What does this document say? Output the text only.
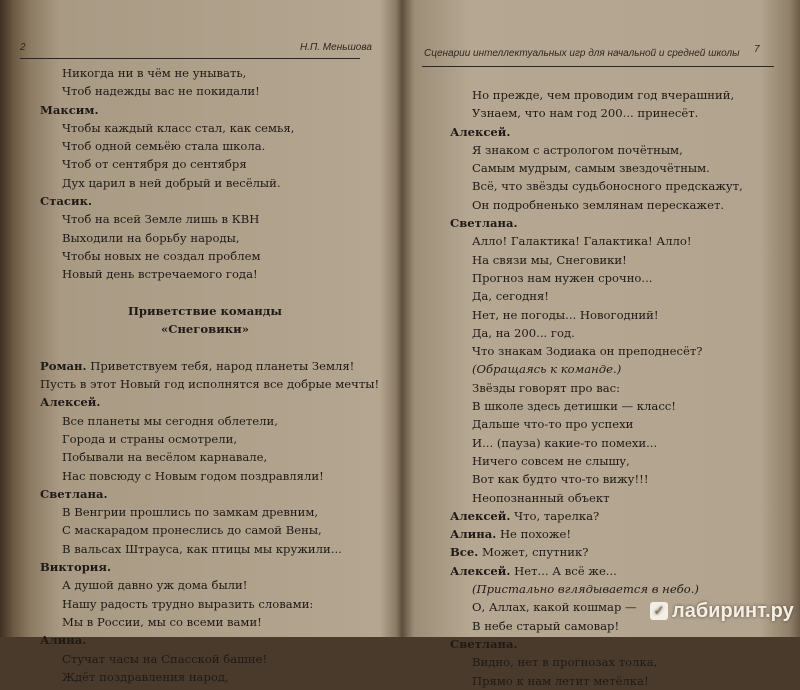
2	Н.П. Меньшова
Никогда ни в чём не унывать,
Чтоб надежды вас не покидали!
Максим.
Чтобы каждый класс стал, как семья,
Чтоб одной семьёю стала школа.
Чтоб от сентября до сентября
Дух царил в ней добрый и весёлый.
Стасик.
Чтоб на всей Земле лишь в КВН
Выходили на борьбу народы,
Чтобы новых не создал проблем
Новый день встречаемого года!
Приветствие команды
«Снеговики»
Роман. Приветствуем тебя, народ планеты Земля!
Пусть в этот Новый год исполнятся все добрые мечты!
Алексей.
Все планеты мы сегодня облетели,
Города и страны осмотрели,
Побывали на весёлом карнавале,
Нас повсюду с Новым годом поздравляли!
Светлана.
В Венгрии прошлись по замкам древним,
С маскарадом пронеслись до самой Вены,
В вальсах Штрауса, как птицы мы кружили...
Виктория.
А душой давно уж дома были!
Нашу радость трудно выразить словами:
Мы в России, мы со всеми вами!
Алина.
Стучат часы на Спасской башне!
Ждёт поздравления народ,
Сценарии интеллектуальных игр для начальной и средней школы 7
Но прежде, чем проводим год вчерашний,
Узнаем, что нам год 200... принесёт.
Алексей.
Я знаком с астрологом почётным,
Самым мудрым, самым звездочётным.
Всё, что звёзды судьбоносного предскажут,
Он подробненько землянам перескажет.
Светлана.
Алло! Галактика! Галактика! Алло!
На связи мы, Снеговики!
Прогноз нам нужен срочно...
Да, сегодня!
Нет, не погоды... Новогодний!
Да, на 200... год.
Что знакам Зодиака он преподнесёт?
(Обращаясь к команде.)
Звёзды говорят про вас:
В школе здесь детишки — класс!
Дальше что-то про успехи
И... (пауза) какие-то помехи...
Ничего совсем не слышу,
Вот как будто что-то вижу!!!
Неопознанный объект
Алексей. Что, тарелка?
Алина. Не похоже!
Все. Может, спутник?
Алексей. Нет... А всё же...
(Пристально вглядывается в небо.)
О, Аллах, какой кошмар —
В небе старый самовар!
Светлана.
Видно, нет в прогнозах толка,
Прямо к нам летит метёлка!
✓ лабиринт.ру
